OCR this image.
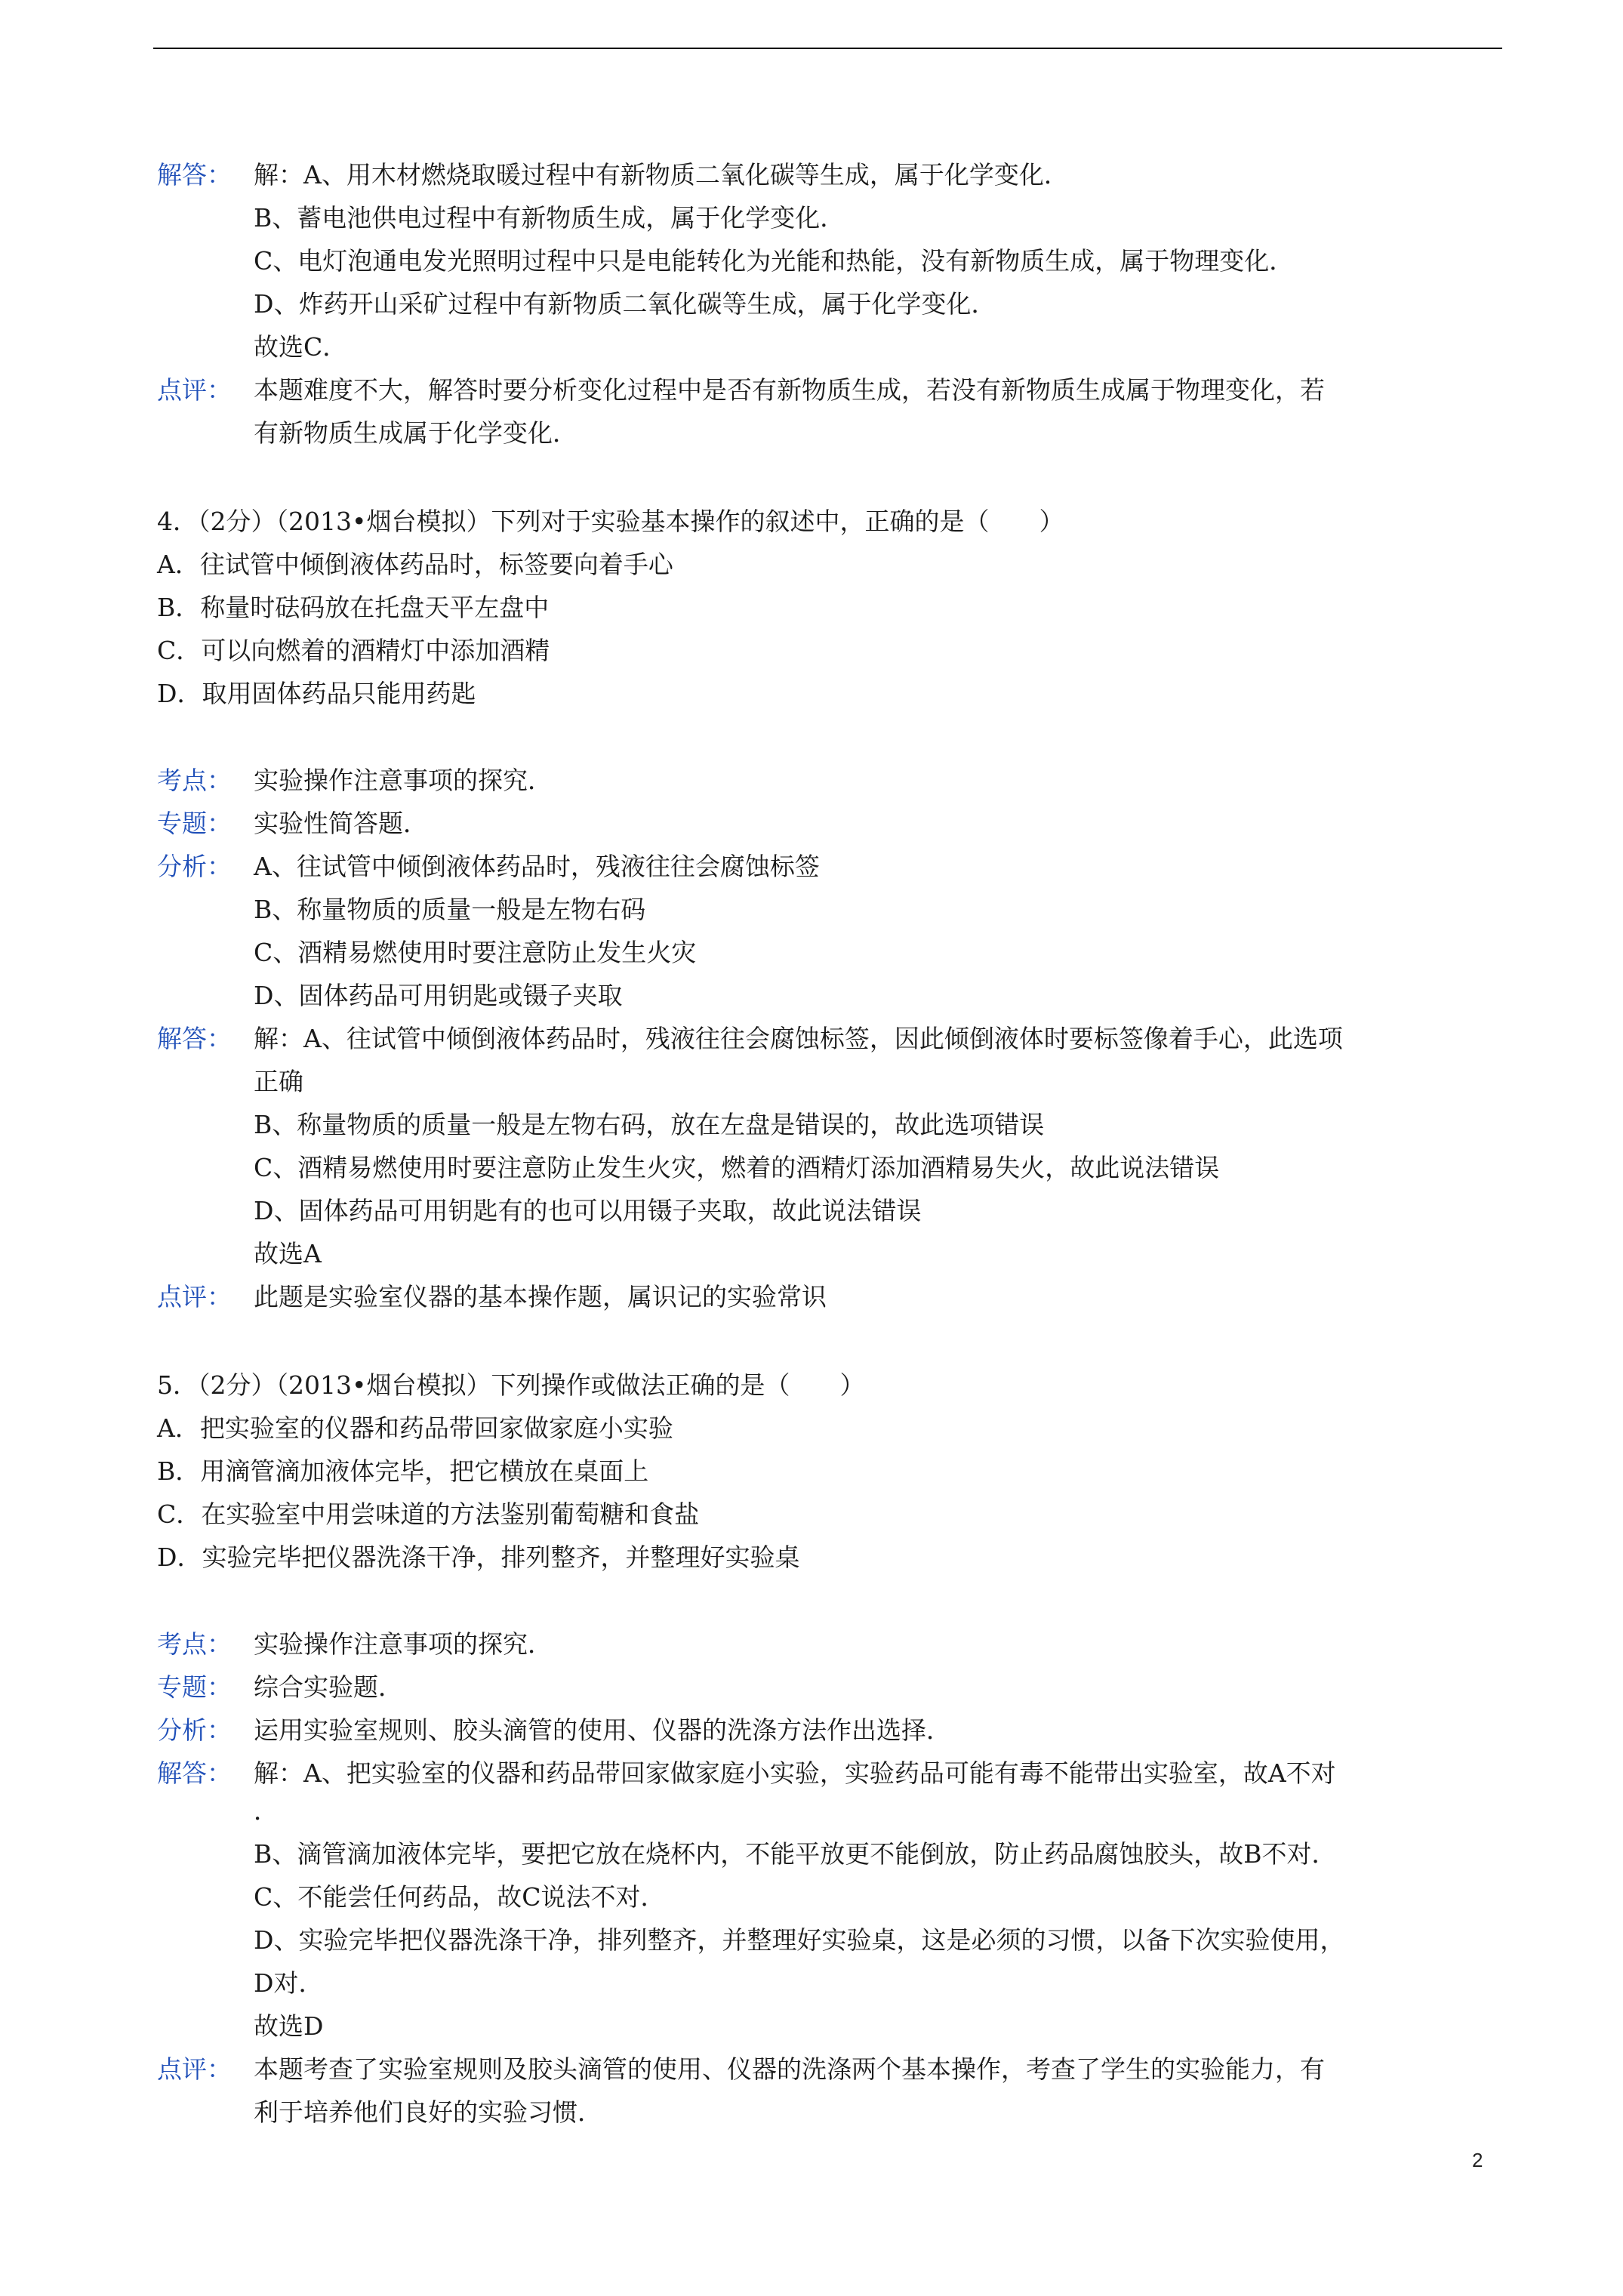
解答： 解：A、用木材燃烧取暖过程中有新物质二氧化碳等生成，属于化学变化．
B、蓄电池供电过程中有新物质生成，属于化学变化．
C、电灯泡通电发光照明过程中只是电能转化为光能和热能，没有新物质生成，属于物理变化．
D、炸药开山采矿过程中有新物质二氧化碳等生成，属于化学变化．
故选C．
点评： 本题难度不大，解答时要分析变化过程中是否有新物质生成，若没有新物质生成属于物理变化，若
有新物质生成属于化学变化．
4．（2分）（2013•烟台模拟）下列对于实验基本操作的叙述中，正确的是（　　）
A．往试管中倾倒液体药品时，标签要向着手心
B．称量时砝码放在托盘天平左盘中
C．可以向燃着的酒精灯中添加酒精
D．取用固体药品只能用药匙
考点： 实验操作注意事项的探究．
专题： 实验性简答题．
分析： A、往试管中倾倒液体药品时，残液往往会腐蚀标签
B、称量物质的质量一般是左物右码
C、酒精易燃使用时要注意防止发生火灾
D、固体药品可用钥匙或镊子夹取
解答： 解：A、往试管中倾倒液体药品时，残液往往会腐蚀标签，因此倾倒液体时要标签像着手心，此选项
正确
B、称量物质的质量一般是左物右码，放在左盘是错误的，故此选项错误
C、酒精易燃使用时要注意防止发生火灾，燃着的酒精灯添加酒精易失火，故此说法错误
D、固体药品可用钥匙有的也可以用镊子夹取，故此说法错误
故选A
点评： 此题是实验室仪器的基本操作题，属识记的实验常识
5．（2分）（2013•烟台模拟）下列操作或做法正确的是（　　）
A．把实验室的仪器和药品带回家做家庭小实验
B．用滴管滴加液体完毕，把它横放在桌面上
C．在实验室中用尝味道的方法鉴别葡萄糖和食盐
D．实验完毕把仪器洗涤干净，排列整齐，并整理好实验桌
考点： 实验操作注意事项的探究．
专题： 综合实验题．
分析： 运用实验室规则、胶头滴管的使用、仪器的洗涤方法作出选择．
解答： 解：A、把实验室的仪器和药品带回家做家庭小实验，实验药品可能有毒不能带出实验室，故A不对
．
B、滴管滴加液体完毕，要把它放在烧杯内，不能平放更不能倒放，防止药品腐蚀胶头，故B不对．
C、不能尝任何药品，故C说法不对．
D、实验完毕把仪器洗涤干净，排列整齐，并整理好实验桌，这是必须的习惯，以备下次实验使用，
D对．
故选D
点评： 本题考查了实验室规则及胶头滴管的使用、仪器的洗涤两个基本操作，考查了学生的实验能力，有
利于培养他们良好的实验习惯．
2
